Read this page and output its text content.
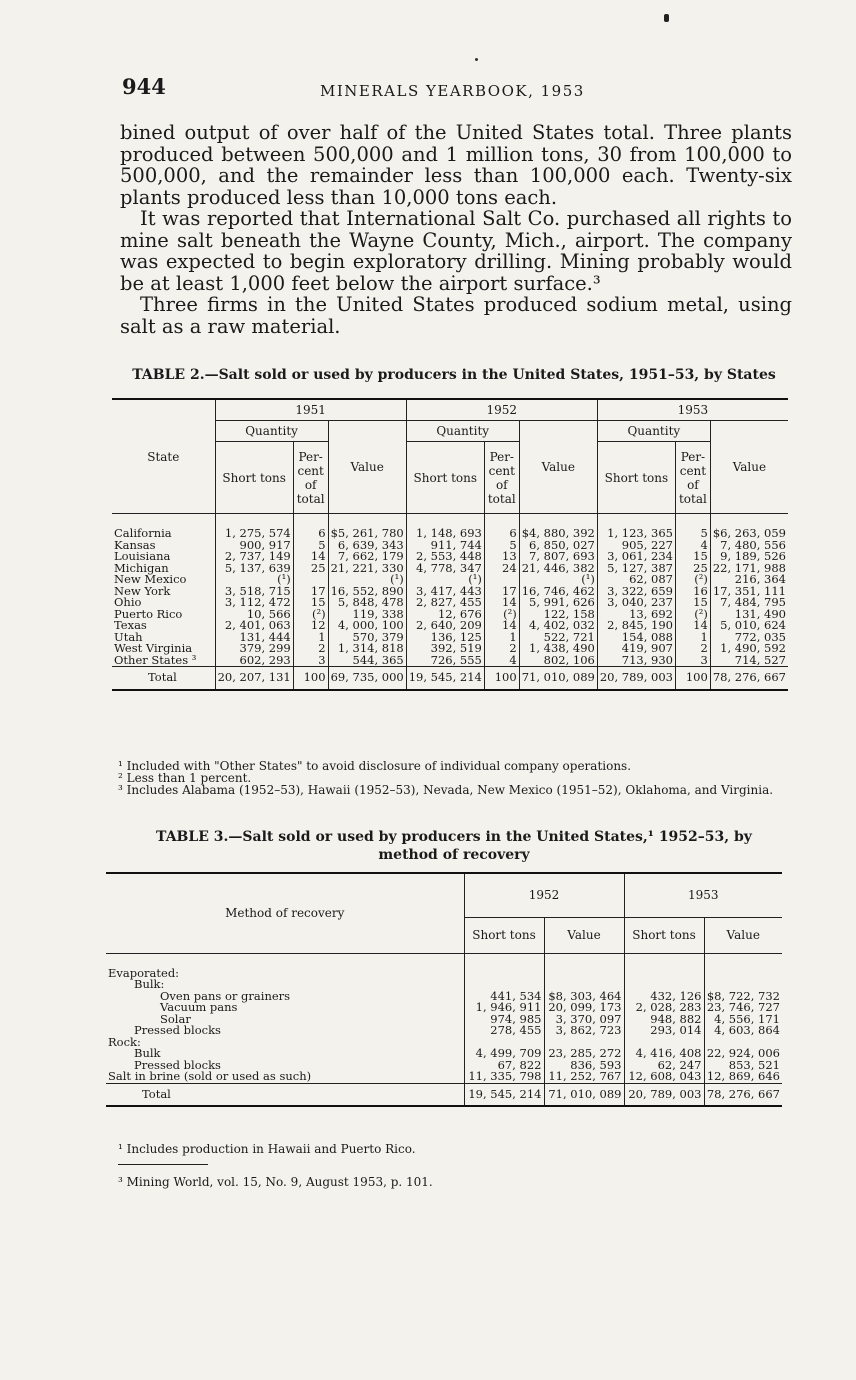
944	MINERALS YEARBOOK, 1953

bined output of over half of the United States total. Three plants produced between 500,000 and 1 million tons, 30 from 100,000 to 500,000, and the remainder less than 100,000 each. Twenty-six plants produced less than 10,000 tons each.

It was reported that International Salt Co. purchased all rights to mine salt beneath the Wayne County, Mich., airport. The company was expected to begin exploratory drilling. Mining probably would be at least 1,000 feet below the airport surface.³

Three firms in the United States produced sodium metal, using salt as a raw material.

TABLE 2.—Salt sold or used by producers in the United States, 1951–53, by States
State	1951			1952			1953		
	Quantity		Value	Quantity		Value	Quantity		Value
	Short tons	Per- cent of total		Short tons	Per- cent of total		Short tons	Per- cent of total	

California	1, 275, 574	6	$5, 261, 780	1, 148, 693	6	$4, 880, 392	1, 123, 365	5	$6, 263, 059
Kansas	900, 917	5	6, 639, 343	911, 744	5	6, 850, 027	905, 227	4	7, 480, 556
Louisiana	2, 737, 149	14	7, 662, 179	2, 553, 448	13	7, 807, 693	3, 061, 234	15	9, 189, 526
Michigan	5, 137, 639	25	21, 221, 330	4, 778, 347	24	21, 446, 382	5, 127, 387	25	22, 171, 988
New Mexico	(¹)		(¹)	(¹)		(¹)	62, 087	(²)	216, 364
New York	3, 518, 715	17	16, 552, 890	3, 417, 443	17	16, 746, 462	3, 322, 659	16	17, 351, 111
Ohio	3, 112, 472	15	5, 848, 478	2, 827, 455	14	5, 991, 626	3, 040, 237	15	7, 484, 795
Puerto Rico	10, 566	(²)	119, 338	12, 676	(²)	122, 158	13, 692	(²)	131, 490
Texas	2, 401, 063	12	4, 000, 100	2, 640, 209	14	4, 402, 032	2, 845, 190	14	5, 010, 624
Utah	131, 444	1	570, 379	136, 125	1	522, 721	154, 088	1	772, 035
West Virginia	379, 299	2	1, 314, 818	392, 519	2	1, 438, 490	419, 907	2	1, 490, 592
Other States ³	602, 293	3	544, 365	726, 555	4	802, 106	713, 930	3	714, 527
Total	20, 207, 131	100	69, 735, 000	19, 545, 214	100	71, 010, 089	20, 789, 003	100	78, 276, 667
¹ Included with "Other States" to avoid disclosure of individual company operations.
² Less than 1 percent.
³ Includes Alabama (1952–53), Hawaii (1952–53), Nevada, New Mexico (1951–52), Oklahoma, and Virginia.
TABLE 3.—Salt sold or used by producers in the United States,¹ 1952–53, by
method of recovery
Method of recovery	1952		1953	
	Short tons	Value	Short tons	Value

Evaporated:				
Bulk:				
Oven pans or grainers	441, 534	$8, 303, 464	432, 126	$8, 722, 732
Vacuum pans	1, 946, 911	20, 099, 173	2, 028, 283	23, 746, 727
Solar	974, 985	3, 370, 097	948, 882	4, 556, 171
Pressed blocks	278, 455	3, 862, 723	293, 014	4, 603, 864
Rock:				
Bulk	4, 499, 709	23, 285, 272	4, 416, 408	22, 924, 006
Pressed blocks	67, 822	836, 593	62, 247	853, 521
Salt in brine (sold or used as such)	11, 335, 798	11, 252, 767	12, 608, 043	12, 869, 646
Total	19, 545, 214	71, 010, 089	20, 789, 003	78, 276, 667
¹ Includes production in Hawaii and Puerto Rico.
³ Mining World, vol. 15, No. 9, August 1953, p. 101.
